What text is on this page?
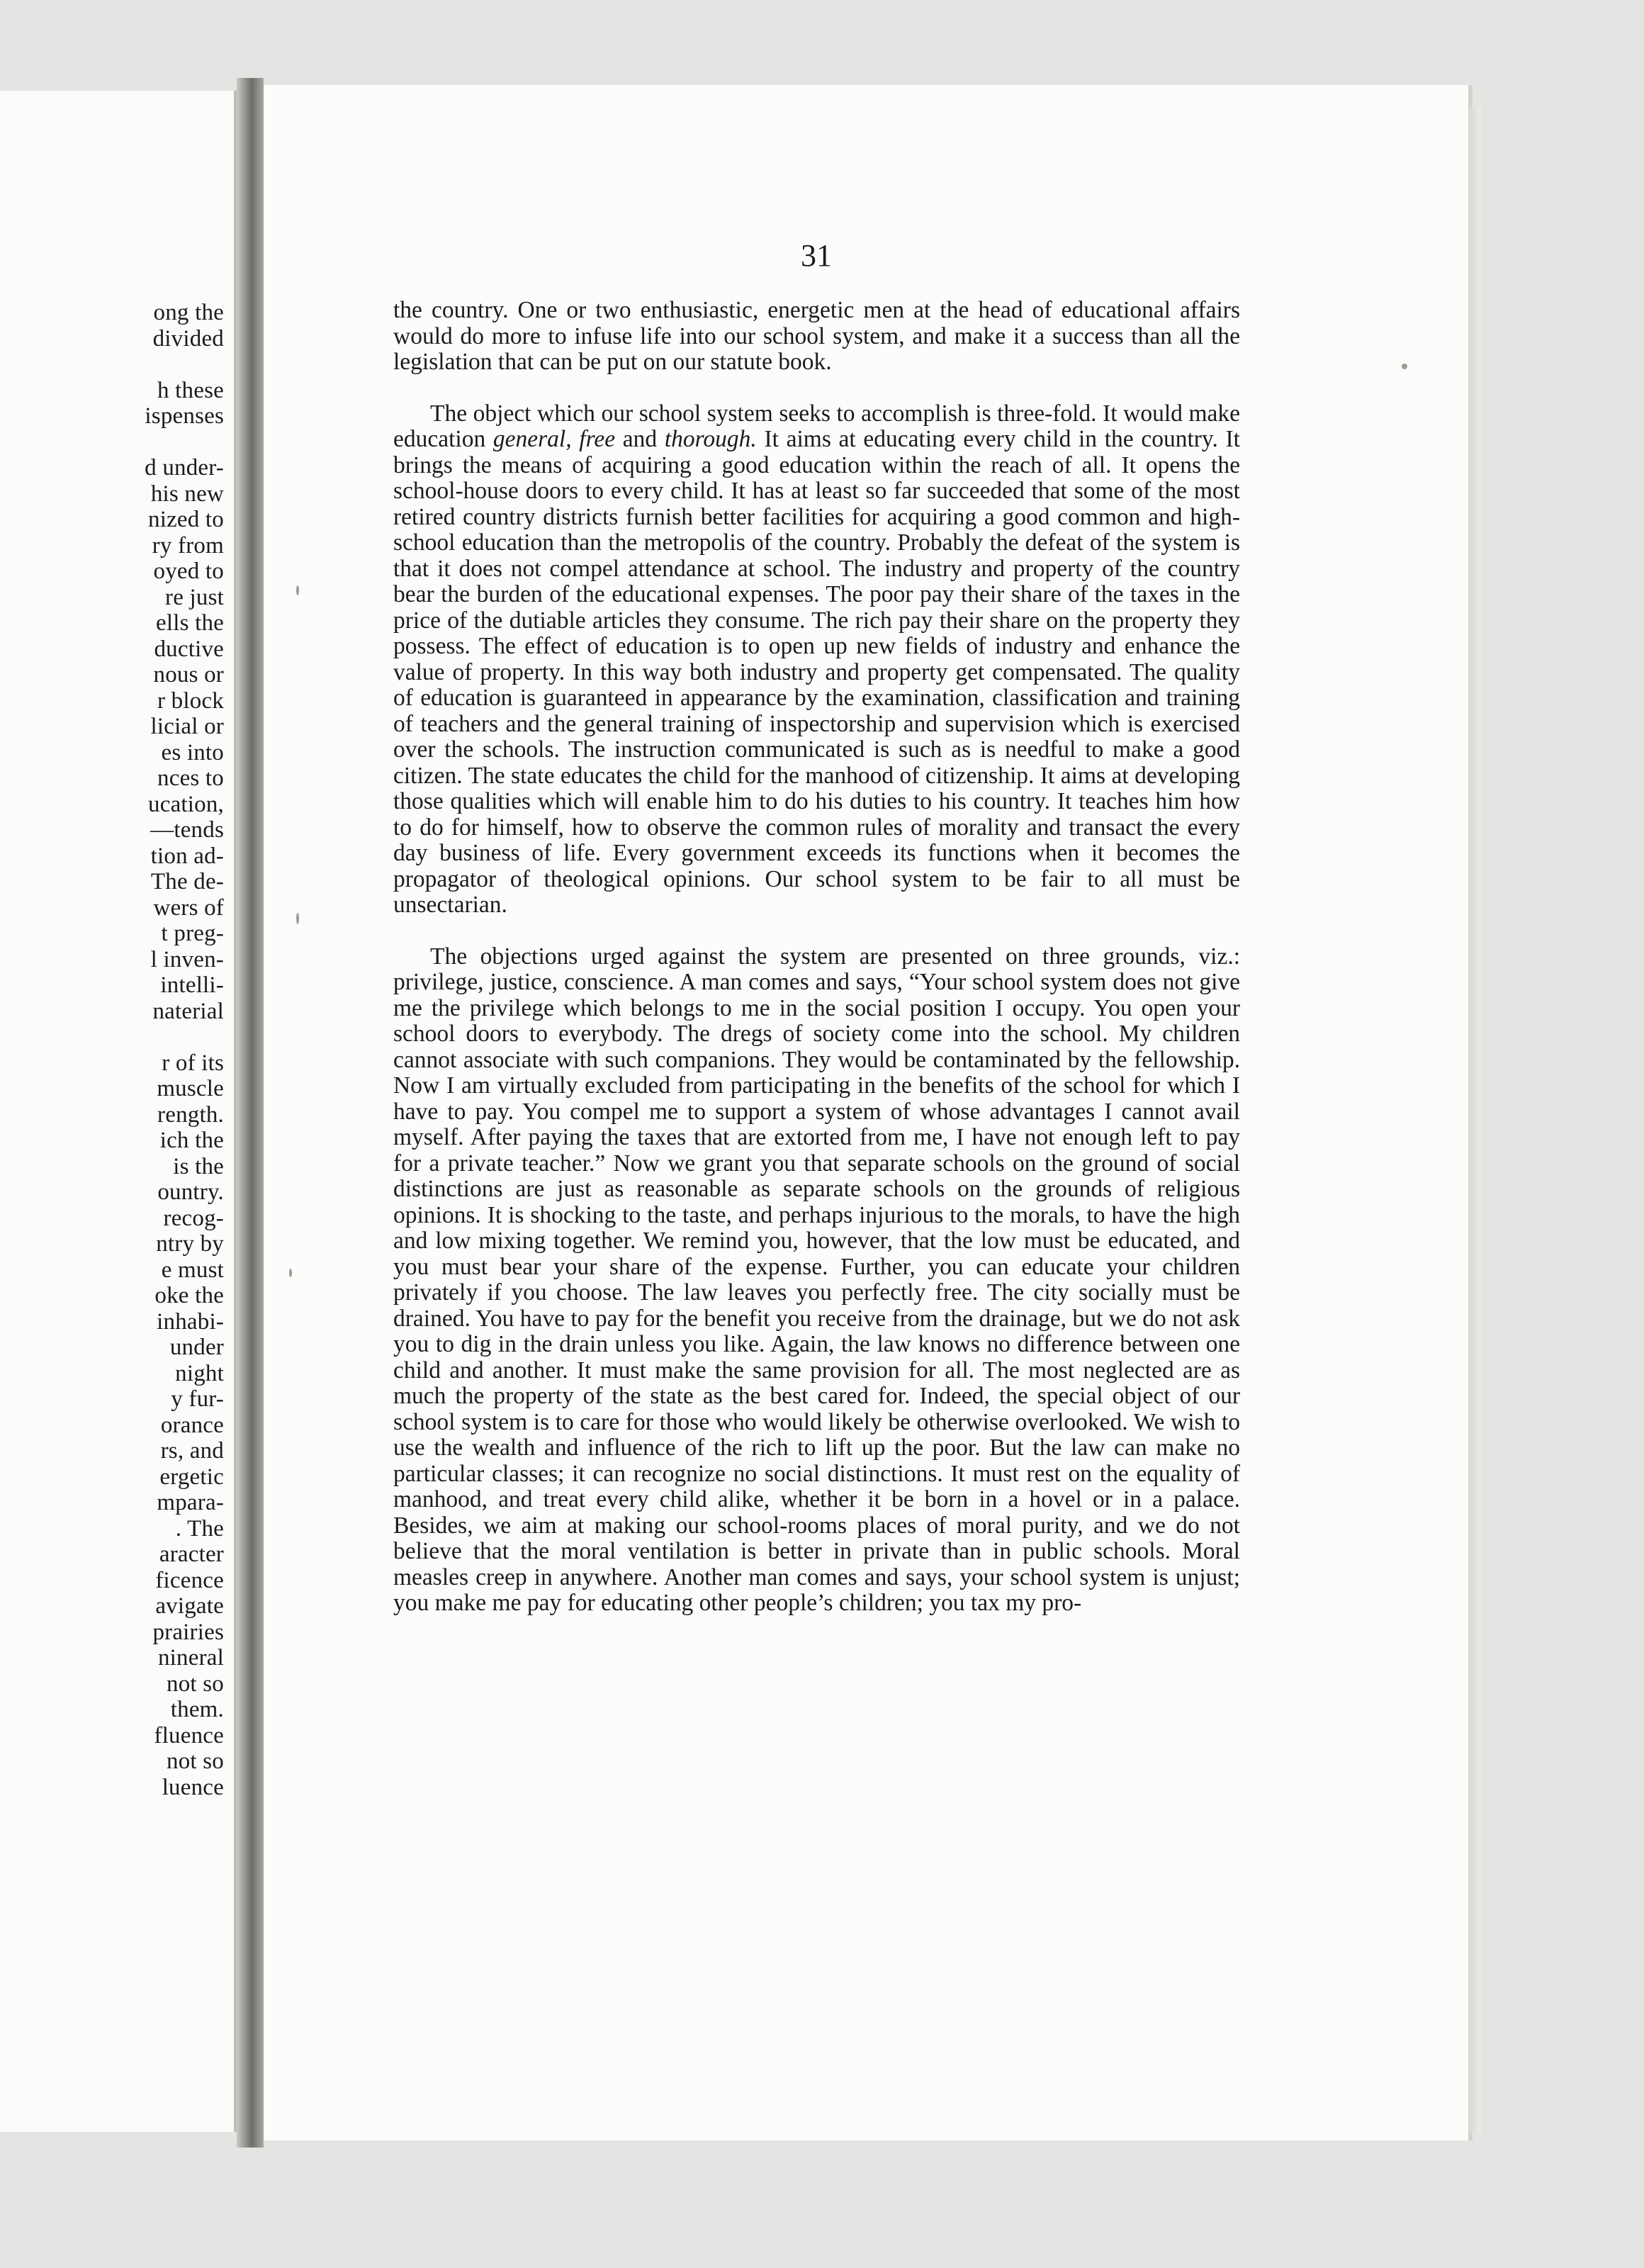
ong the
divided
h these
ispenses
d under-
his new
nized to
ry from
oyed to
re just
ells the
ductive
nous or
r block
licial or
es into
nces to
ucation,
—tends
tion ad-
The de-
wers of
t preg-
l inven-
intelli-
naterial
r of its
muscle
rength.
ich the
is the
ountry.
recog-
ntry by
e must
oke the
inhabi-
under
night
y fur-
orance
rs, and
ergetic
mpara-
. The
aracter
ficence
avigate
prairies
nineral
not so
them.
fluence
not so
luence
31

the country. One or two enthusiastic, energetic men at the head of educational affairs would do more to infuse life into our school system, and make it a success than all the legislation that can be put on our statute book.

The object which our school system seeks to accomplish is three-fold. It would make education general, free and thorough. It aims at educating every child in the country. It brings the means of acquiring a good education within the reach of all. It opens the school-house doors to every child. It has at least so far succeeded that some of the most retired country districts furnish better facilities for acquiring a good common and high-school education than the metropolis of the country. Probably the defeat of the system is that it does not compel attendance at school. The industry and property of the country bear the burden of the educational expenses. The poor pay their share of the taxes in the price of the dutiable articles they consume. The rich pay their share on the property they possess. The effect of education is to open up new fields of industry and enhance the value of property. In this way both industry and property get compensated. The quality of education is guaranteed in appearance by the examination, classification and training of teachers and the general training of inspectorship and supervision which is exercised over the schools. The instruction communicated is such as is needful to make a good citizen. The state educates the child for the manhood of citizenship. It aims at developing those qualities which will enable him to do his duties to his country. It teaches him how to do for himself, how to observe the common rules of morality and transact the every day business of life. Every government exceeds its functions when it becomes the propagator of theological opinions. Our school system to be fair to all must be unsectarian.

The objections urged against the system are presented on three grounds, viz.: privilege, justice, conscience. A man comes and says, “Your school system does not give me the privilege which belongs to me in the social position I occupy. You open your school doors to everybody. The dregs of society come into the school. My children cannot associate with such companions. They would be contaminated by the fellowship. Now I am virtually excluded from participating in the benefits of the school for which I have to pay. You compel me to support a system of whose advantages I cannot avail myself. After paying the taxes that are extorted from me, I have not enough left to pay for a private teacher.” Now we grant you that separate schools on the ground of social distinctions are just as reasonable as separate schools on the grounds of religious opinions. It is shocking to the taste, and perhaps injurious to the morals, to have the high and low mixing together. We remind you, however, that the low must be educated, and you must bear your share of the expense. Further, you can educate your children privately if you choose. The law leaves you perfectly free. The city socially must be drained. You have to pay for the benefit you receive from the drainage, but we do not ask you to dig in the drain unless you like. Again, the law knows no difference between one child and another. It must make the same provision for all. The most neglected are as much the property of the state as the best cared for. Indeed, the special object of our school system is to care for those who would likely be otherwise overlooked. We wish to use the wealth and influence of the rich to lift up the poor. But the law can make no particular classes; it can recognize no social distinctions. It must rest on the equality of manhood, and treat every child alike, whether it be born in a hovel or in a palace. Besides, we aim at making our school-rooms places of moral purity, and we do not believe that the moral ventilation is better in private than in public schools. Moral measles creep in anywhere. Another man comes and says, your school system is unjust; you make me pay for educating other people’s children; you tax my pro-
